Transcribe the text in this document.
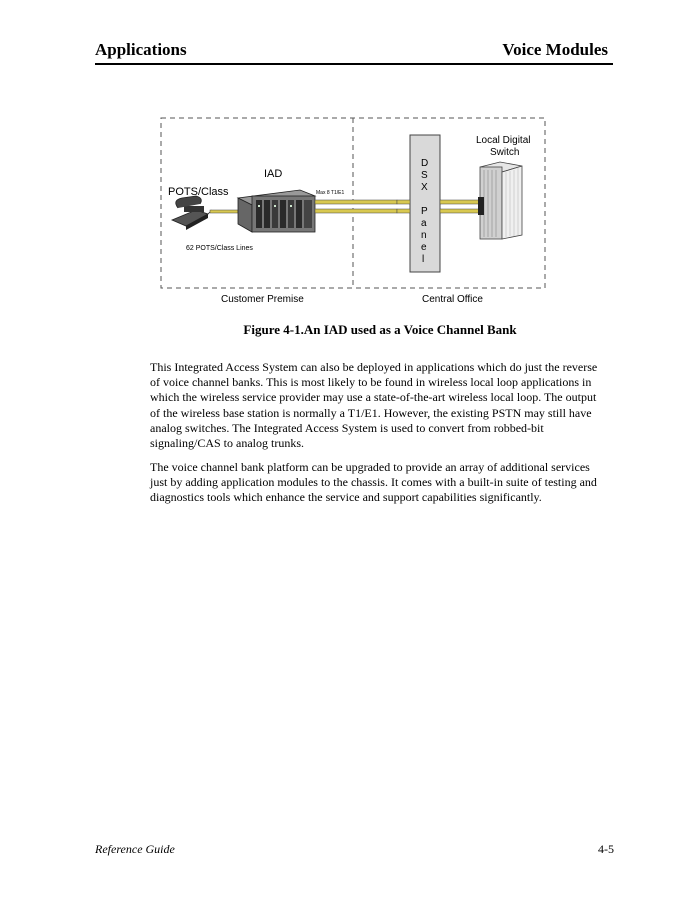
Applications	Voice Modules
IAD
POTS/Class	Max 8 T1/E1
62 POTS/Class Lines
Local Digital
Switch
D
S
X
P
a
n
e
l
Customer Premise	Central Office
Figure 4-1.An IAD used as a Voice Channel Bank
This Integrated Access System can also be deployed in applications which do just the reverse
of voice channel banks. This is most likely to be found in wireless local loop applications in
which the wireless service provider may use a state-of-the-art wireless local loop. The output
of the wireless base station is normally a T1/E1. However, the existing PSTN may still have
analog switches. The Integrated Access System is used to convert from robbed-bit
signaling/CAS to analog trunks.
The voice channel bank platform can be upgraded to provide an array of additional services
just by adding application modules to the chassis. It comes with a built-in suite of testing and
diagnostics tools which enhance the service and support capabilities significantly.
Reference Guide	4-5
